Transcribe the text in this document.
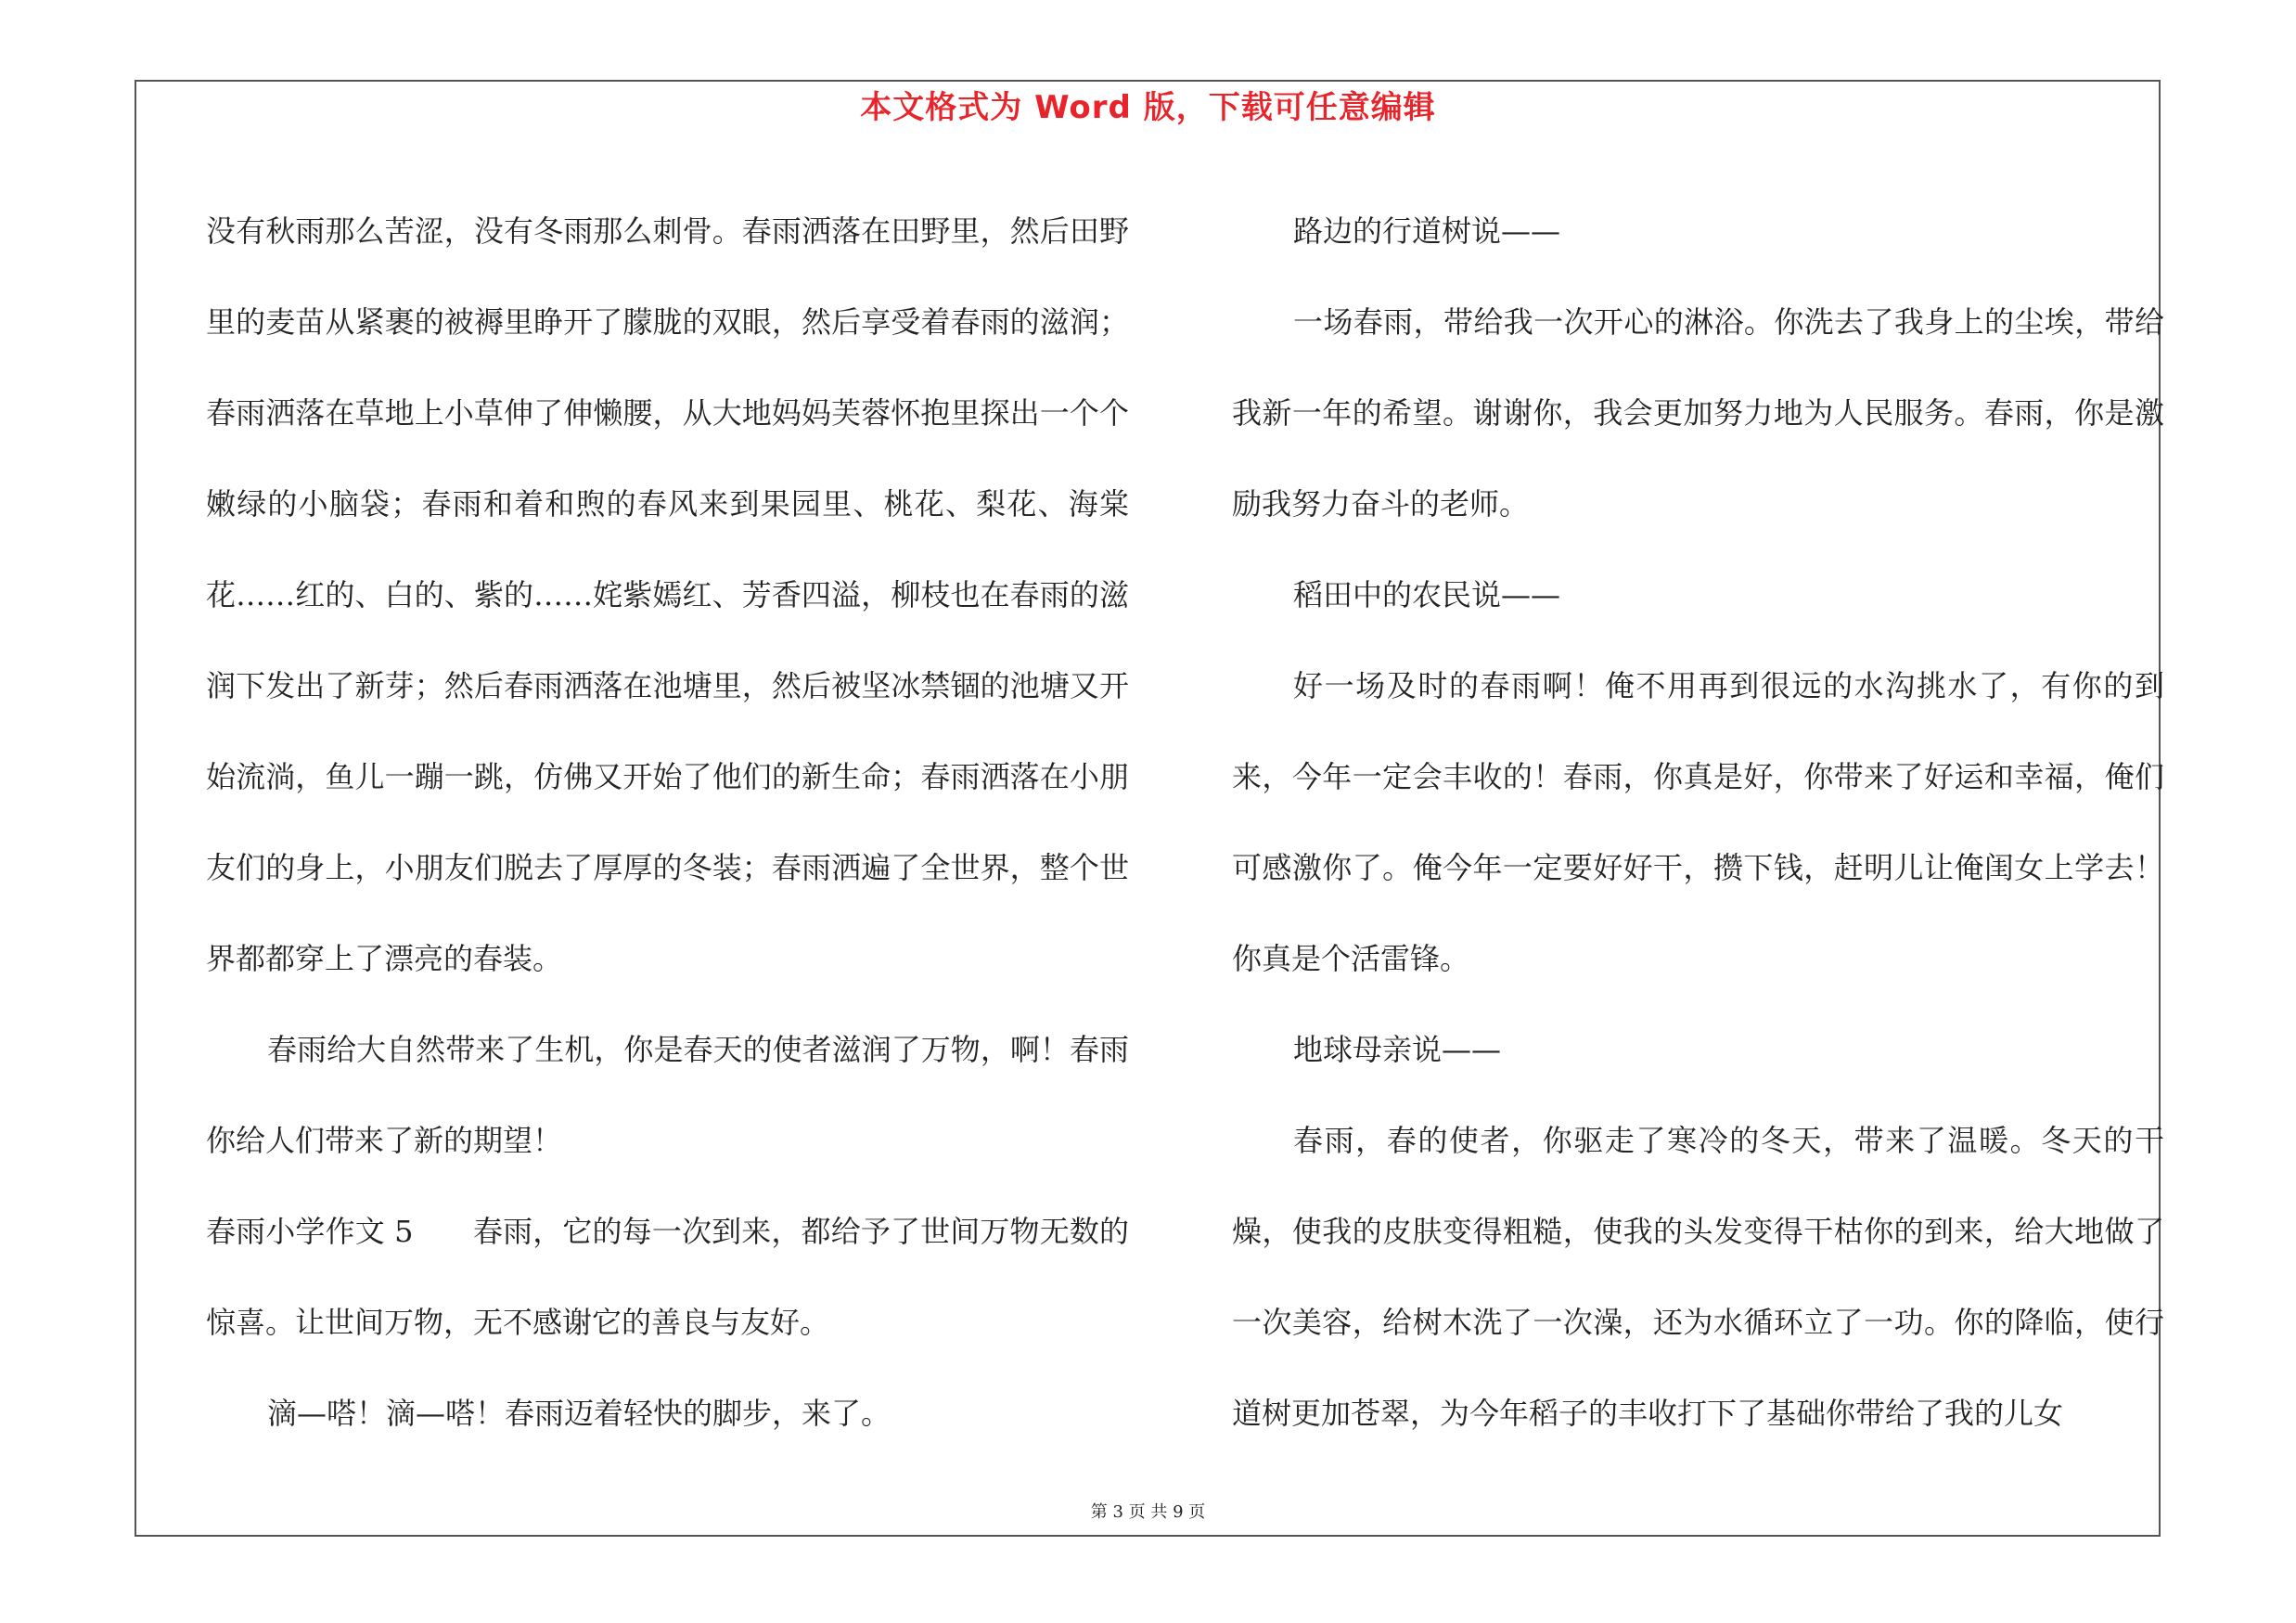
本文格式为 Word 版，下载可任意编辑

没有秋雨那么苦涩，没有冬雨那么刺骨。春雨洒落在田野里，然后田野里的麦苗从紧裹的被褥里睁开了朦胧的双眼，然后享受着春雨的滋润；春雨洒落在草地上小草伸了伸懒腰，从大地妈妈芙蓉怀抱里探出一个个嫩绿的小脑袋；春雨和着和煦的春风来到果园里、桃花、梨花、海棠花……红的、白的、紫的……姹紫嫣红、芳香四溢，柳枝也在春雨的滋润下发出了新芽；然后春雨洒落在池塘里，然后被坚冰禁锢的池塘又开始流淌，鱼儿一蹦一跳，仿佛又开始了他们的新生命；春雨洒落在小朋友们的身上，小朋友们脱去了厚厚的冬装；春雨洒遍了全世界，整个世界都都穿上了漂亮的春装。

春雨给大自然带来了生机，你是春天的使者滋润了万物，啊！春雨你给人们带来了新的期望！

春雨小学作文 5　　春雨，它的每一次到来，都给予了世间万物无数的惊喜。让世间万物，无不感谢它的善良与友好。

滴—嗒！滴—嗒！春雨迈着轻快的脚步，来了。

路边的行道树说——

一场春雨，带给我一次开心的淋浴。你洗去了我身上的尘埃，带给我新一年的希望。谢谢你，我会更加努力地为人民服务。春雨，你是激励我努力奋斗的老师。

稻田中的农民说——

好一场及时的春雨啊！俺不用再到很远的水沟挑水了，有你的到来，今年一定会丰收的！春雨，你真是好，你带来了好运和幸福，俺们可感激你了。俺今年一定要好好干，攒下钱，赶明儿让俺闺女上学去！你真是个活雷锋。

地球母亲说——

春雨，春的使者，你驱走了寒冷的冬天，带来了温暖。冬天的干燥，使我的皮肤变得粗糙，使我的头发变得干枯你的到来，给大地做了一次美容，给树木洗了一次澡，还为水循环立了一功。你的降临，使行道树更加苍翠，为今年稻子的丰收打下了基础你带给了我的儿女

第 3 页 共 9 页
